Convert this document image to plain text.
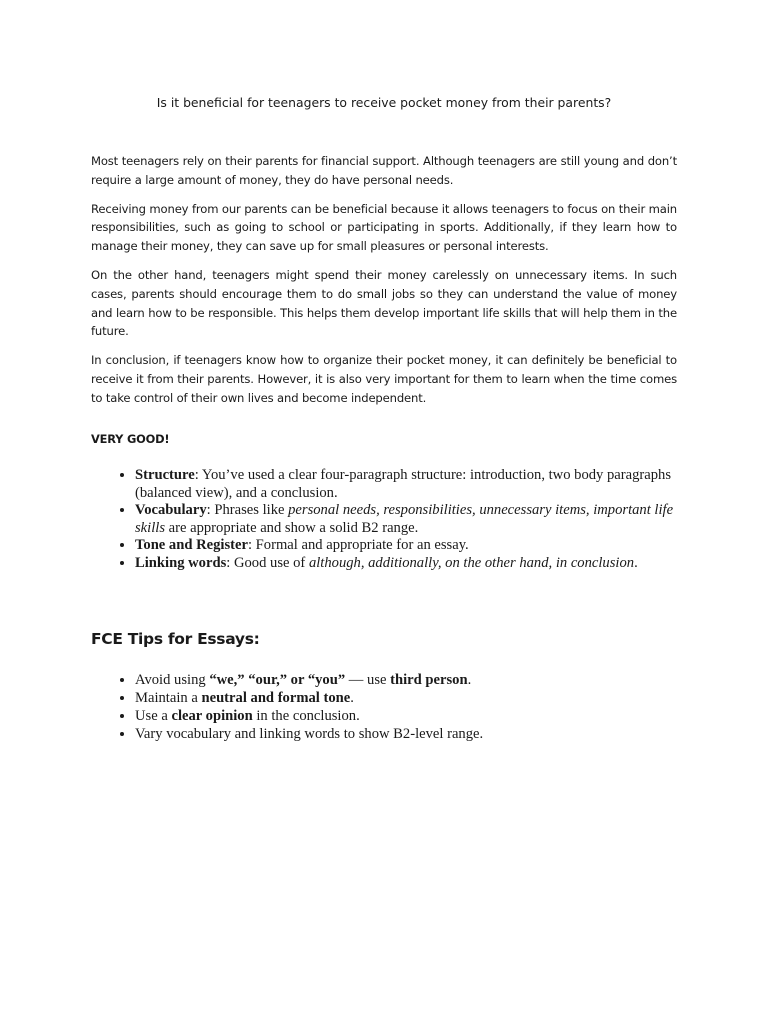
Is it beneficial for teenagers to receive pocket money from their parents?

Most teenagers rely on their parents for financial support. Although teenagers are still young and don’t require a large amount of money, they do have personal needs.

Receiving money from our parents can be beneficial because it allows teenagers to focus on their main responsibilities, such as going to school or participating in sports. Additionally, if they learn how to manage their money, they can save up for small pleasures or personal interests.

On the other hand, teenagers might spend their money carelessly on unnecessary items. In such cases, parents should encourage them to do small jobs so they can understand the value of money and learn how to be responsible. This helps them develop important life skills that will help them in the future.

In conclusion, if teenagers know how to organize their pocket money, it can definitely be beneficial to receive it from their parents. However, it is also very important for them to learn when the time comes to take control of their own lives and become independent.

VERY GOOD!

• Structure: You’ve used a clear four-paragraph structure: introduction, two body paragraphs (balanced view), and a conclusion.
• Vocabulary: Phrases like personal needs, responsibilities, unnecessary items, important life skills are appropriate and show a solid B2 range.
• Tone and Register: Formal and appropriate for an essay.
• Linking words: Good use of although, additionally, on the other hand, in conclusion.
FCE Tips for Essays:
• Avoid using “we,” “our,” or “you” — use third person.
• Maintain a neutral and formal tone.
• Use a clear opinion in the conclusion.
• Vary vocabulary and linking words to show B2-level range.
